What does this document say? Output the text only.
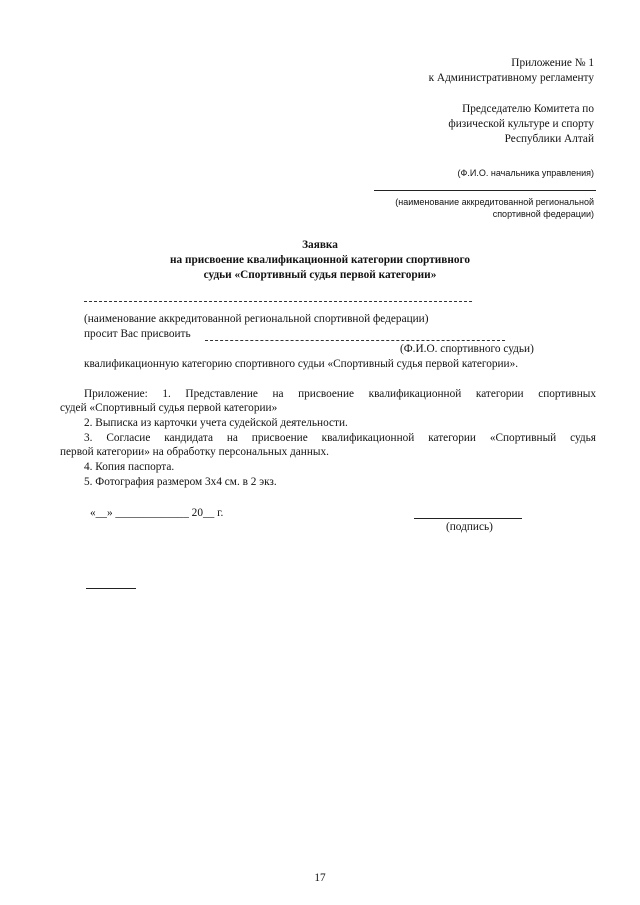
Приложение № 1
к Административному регламенту
Председателю Комитета по
физической культуре и спорту
Республики Алтай
(Ф.И.О. начальника управления)
(наименование аккредитованной региональной
спортивной федерации)
Заявка
на присвоение квалификационной категории спортивного
судьи «Спортивный судья первой категории»
(наименование аккредитованной региональной спортивной федерации)
просит Вас присвоить
(Ф.И.О. спортивного судьи)
квалификационную категорию спортивного судьи «Спортивный судья первой категории».
Приложение: 1. Представление на присвоение квалификационной категории спортивных
судей «Спортивный судья первой категории»
2. Выписка из карточки учета судейской деятельности.
3. Согласие кандидата на присвоение квалификационной категории «Спортивный судья
первой категории» на обработку персональных данных.
4. Копия паспорта.
5. Фотография размером 3х4 см. в 2 экз.
«__» _____________ 20__ г.
(подпись)
17
